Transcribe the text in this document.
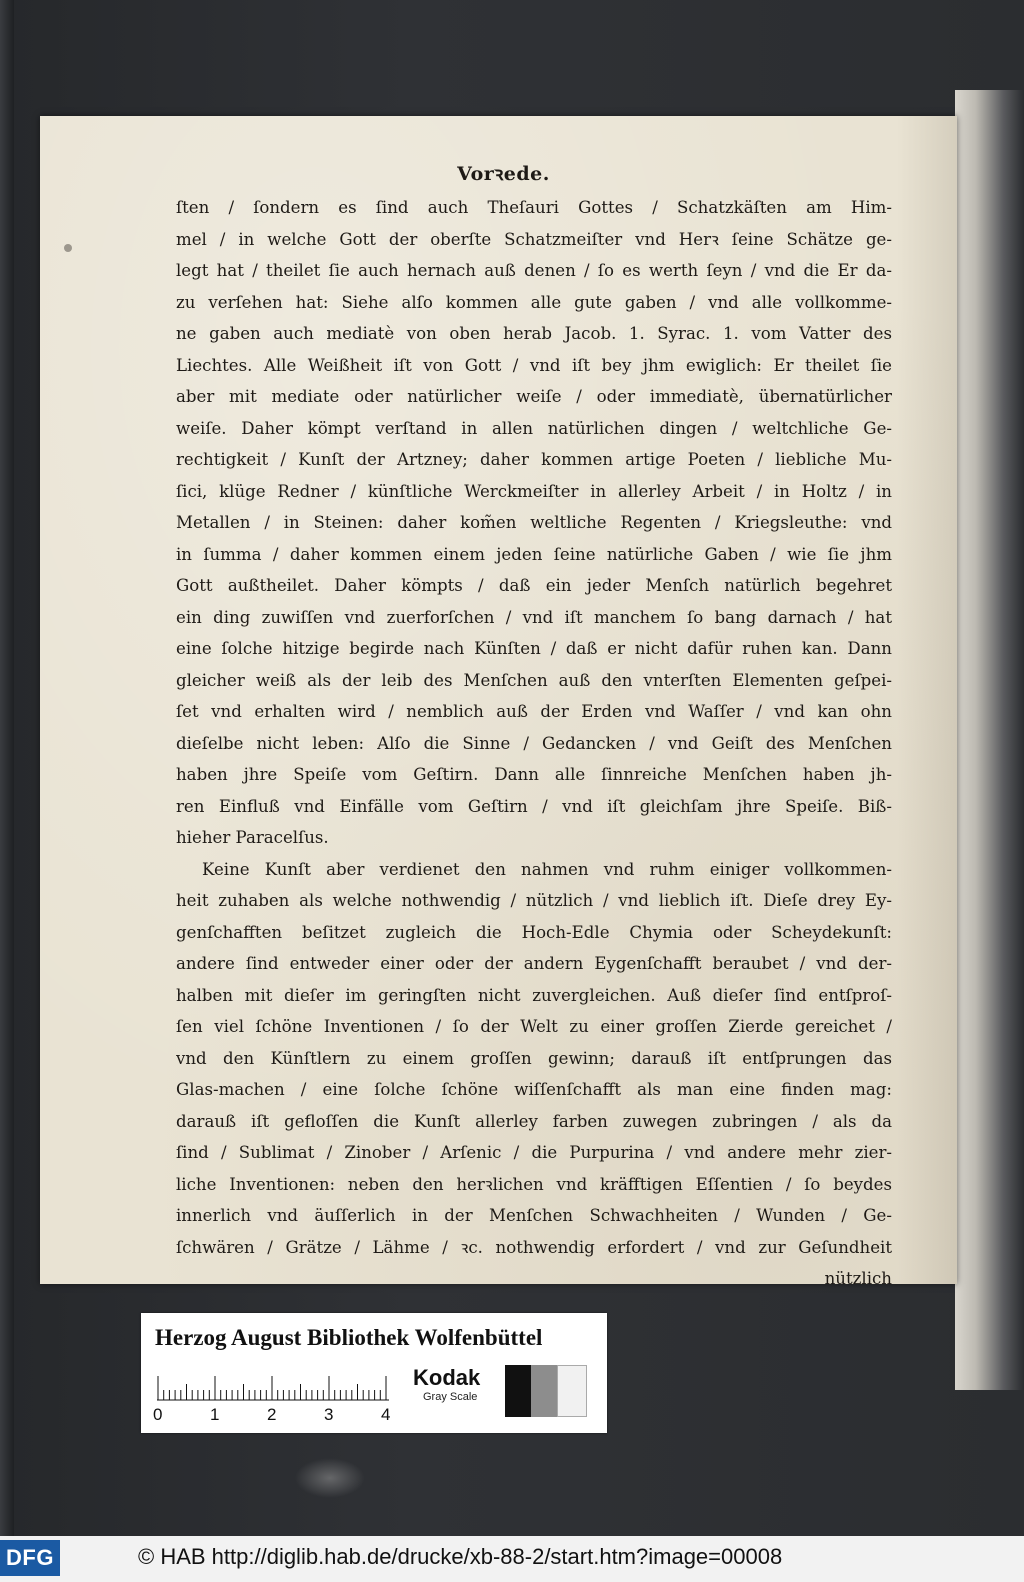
Vorꝛede.
ſten / ſondern es ſind auch Theſauri Gottes / Schatzkäſten am Him-
mel / in welche Gott der oberſte Schatzmeiſter vnd Herꝛ ſeine Schätze ge-
legt hat / theilet ſie auch hernach auß denen / ſo es werth ſeyn / vnd die Er da-
zu verſehen hat: Siehe alſo kommen alle gute gaben / vnd alle vollkomme-
ne gaben auch mediatè von oben herab Jacob. 1. Syrac. 1. vom Vatter des
Liechtes. Alle Weißheit iſt von Gott / vnd iſt bey jhm ewiglich: Er theilet ſie
aber mit mediate oder natürlicher weiſe / oder immediatè, übernatürlicher
weiſe. Daher kömpt verſtand in allen natürlichen dingen / weltchliche Ge-
rechtigkeit / Kunſt der Artzney; daher kommen artige Poeten / liebliche Mu-
ſici, klüge Redner / künſtliche Werckmeiſter in allerley Arbeit / in Holtz / in
Metallen / in Steinen: daher kom̃en weltliche Regenten / Kriegsleuthe: vnd
in ſumma / daher kommen einem jeden ſeine natürliche Gaben / wie ſie jhm
Gott außtheilet. Daher kömpts / daß ein jeder Menſch natürlich begehret
ein ding zuwiſſen vnd zuerforſchen / vnd iſt manchem ſo bang darnach / hat
eine ſolche hitzige begirde nach Künſten / daß er nicht dafür ruhen kan. Dann
gleicher weiß als der leib des Menſchen auß den vnterſten Elementen geſpei-
ſet vnd erhalten wird / nemblich auß der Erden vnd Waſſer / vnd kan ohn
dieſelbe nicht leben: Alſo die Sinne / Gedancken / vnd Geiſt des Menſchen
haben jhre Speiſe vom Geſtirn. Dann alle ſinnreiche Menſchen haben jh-
ren Einfluß vnd Einfälle vom Geſtirn / vnd iſt gleichſam jhre Speiſe. Biß-
hieher Paracelſus.
Keine Kunſt aber verdienet den nahmen vnd ruhm einiger vollkommen-
heit zuhaben als welche nothwendig / nützlich / vnd lieblich iſt. Dieſe drey Ey-
genſchafften beſitzet zugleich die Hoch-Edle Chymia oder Scheydekunſt:
andere ſind entweder einer oder der andern Eygenſchafft beraubet / vnd der-
halben mit dieſer im geringſten nicht zuvergleichen. Auß dieſer ſind entſproſ-
ſen viel ſchöne Inventionen / ſo der Welt zu einer groſſen Zierde gereichet /
vnd den Künſtlern zu einem groſſen gewinn; darauß iſt entſprungen das
Glas-machen / eine ſolche ſchöne wiſſenſchafft als man eine finden mag:
darauß iſt gefloſſen die Kunſt allerley farben zuwegen zubringen / als da
ſind / Sublimat / Zinober / Arſenic / die Purpurina / vnd andere mehr zier-
liche Inventionen: neben den herꝛlichen vnd kräfftigen Eſſentien / ſo beydes
innerlich vnd äuſſerlich in der Menſchen Schwachheiten / Wunden / Ge-
ſchwären / Grätze / Lähme / ꝛc. nothwendig erfordert / vnd zur Geſundheit
nützlich
Herzog August Bibliothek Wolfenbüttel
0	1	2	3	4
Kodak
Gray Scale
DFG	© HAB http://diglib.hab.de/drucke/xb-88-2/start.htm?image=00008
